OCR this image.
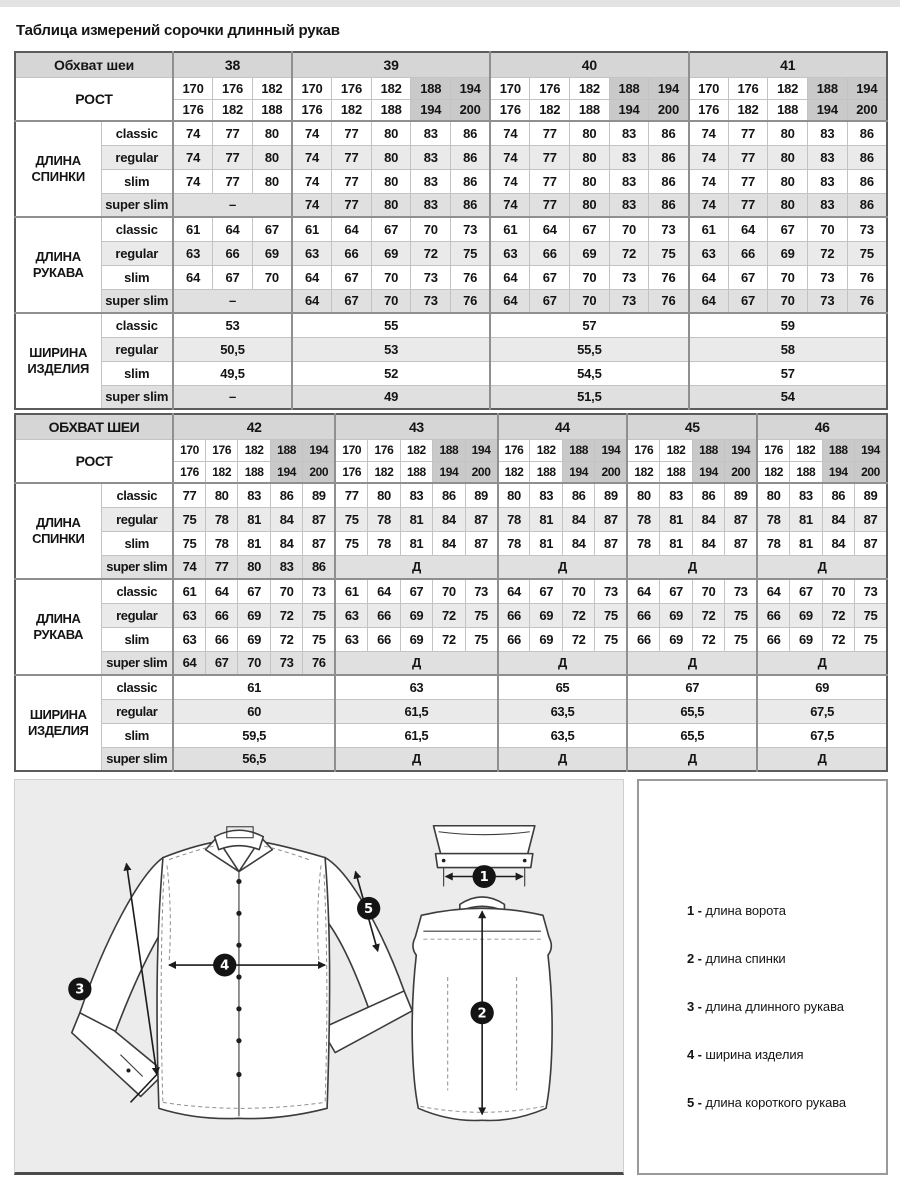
Таблица измерений сорочки длинный рукав
Обхват шеи		38			39					40					41				
РОСТ		170	176	182	170	176	182	188	194	170	176	182	188	194	170	176	182	188	194
		176	182	188	176	182	188	194	200	176	182	188	194	200	176	182	188	194	200
ДЛИНА СПИНКИ	classic	74	77	80	74	77	80	83	86	74	77	80	83	86	74	77	80	83	86
	regular	74	77	80	74	77	80	83	86	74	77	80	83	86	74	77	80	83	86
	slim	74	77	80	74	77	80	83	86	74	77	80	83	86	74	77	80	83	86
	super slim	–			74	77	80	83	86	74	77	80	83	86	74	77	80	83	86
ДЛИНА РУКАВА	classic	61	64	67	61	64	67	70	73	61	64	67	70	73	61	64	67	70	73
	regular	63	66	69	63	66	69	72	75	63	66	69	72	75	63	66	69	72	75
	slim	64	67	70	64	67	70	73	76	64	67	70	73	76	64	67	70	73	76
	super slim	–			64	67	70	73	76	64	67	70	73	76	64	67	70	73	76
ШИРИНА ИЗДЕЛИЯ	classic	53			55					57					59				
	regular	50,5			53					55,5					58				
	slim	49,5			52					54,5					57				
	super slim	–			49					51,5					54				
ОБХВАТ ШЕИ		42					43					44				45				46			
РОСТ		170	176	182	188	194	170	176	182	188	194	176	182	188	194	176	182	188	194	176	182	188	194
		176	182	188	194	200	176	182	188	194	200	182	188	194	200	182	188	194	200	182	188	194	200
ДЛИНА СПИНКИ	classic	77	80	83	86	89	77	80	83	86	89	80	83	86	89	80	83	86	89	80	83	86	89
	regular	75	78	81	84	87	75	78	81	84	87	78	81	84	87	78	81	84	87	78	81	84	87
	slim	75	78	81	84	87	75	78	81	84	87	78	81	84	87	78	81	84	87	78	81	84	87
	super slim	74	77	80	83	86	Д					Д				Д				Д			
ДЛИНА РУКАВА	classic	61	64	67	70	73	61	64	67	70	73	64	67	70	73	64	67	70	73	64	67	70	73
	regular	63	66	69	72	75	63	66	69	72	75	66	69	72	75	66	69	72	75	66	69	72	75
	slim	63	66	69	72	75	63	66	69	72	75	66	69	72	75	66	69	72	75	66	69	72	75
	super slim	64	67	70	73	76	Д					Д				Д				Д			
ШИРИНА ИЗДЕЛИЯ	classic	61					63					65				67				69			
	regular	60					61,5					63,5				65,5				67,5			
	slim	59,5					61,5					63,5				65,5				67,5			
	super slim	56,5					Д					Д				Д				Д			
3
4
5
1
2
1 - длина ворота
2 - длина спинки
3 - длина длинного рукава
4 - ширина изделия
5 - длина короткого рукава
